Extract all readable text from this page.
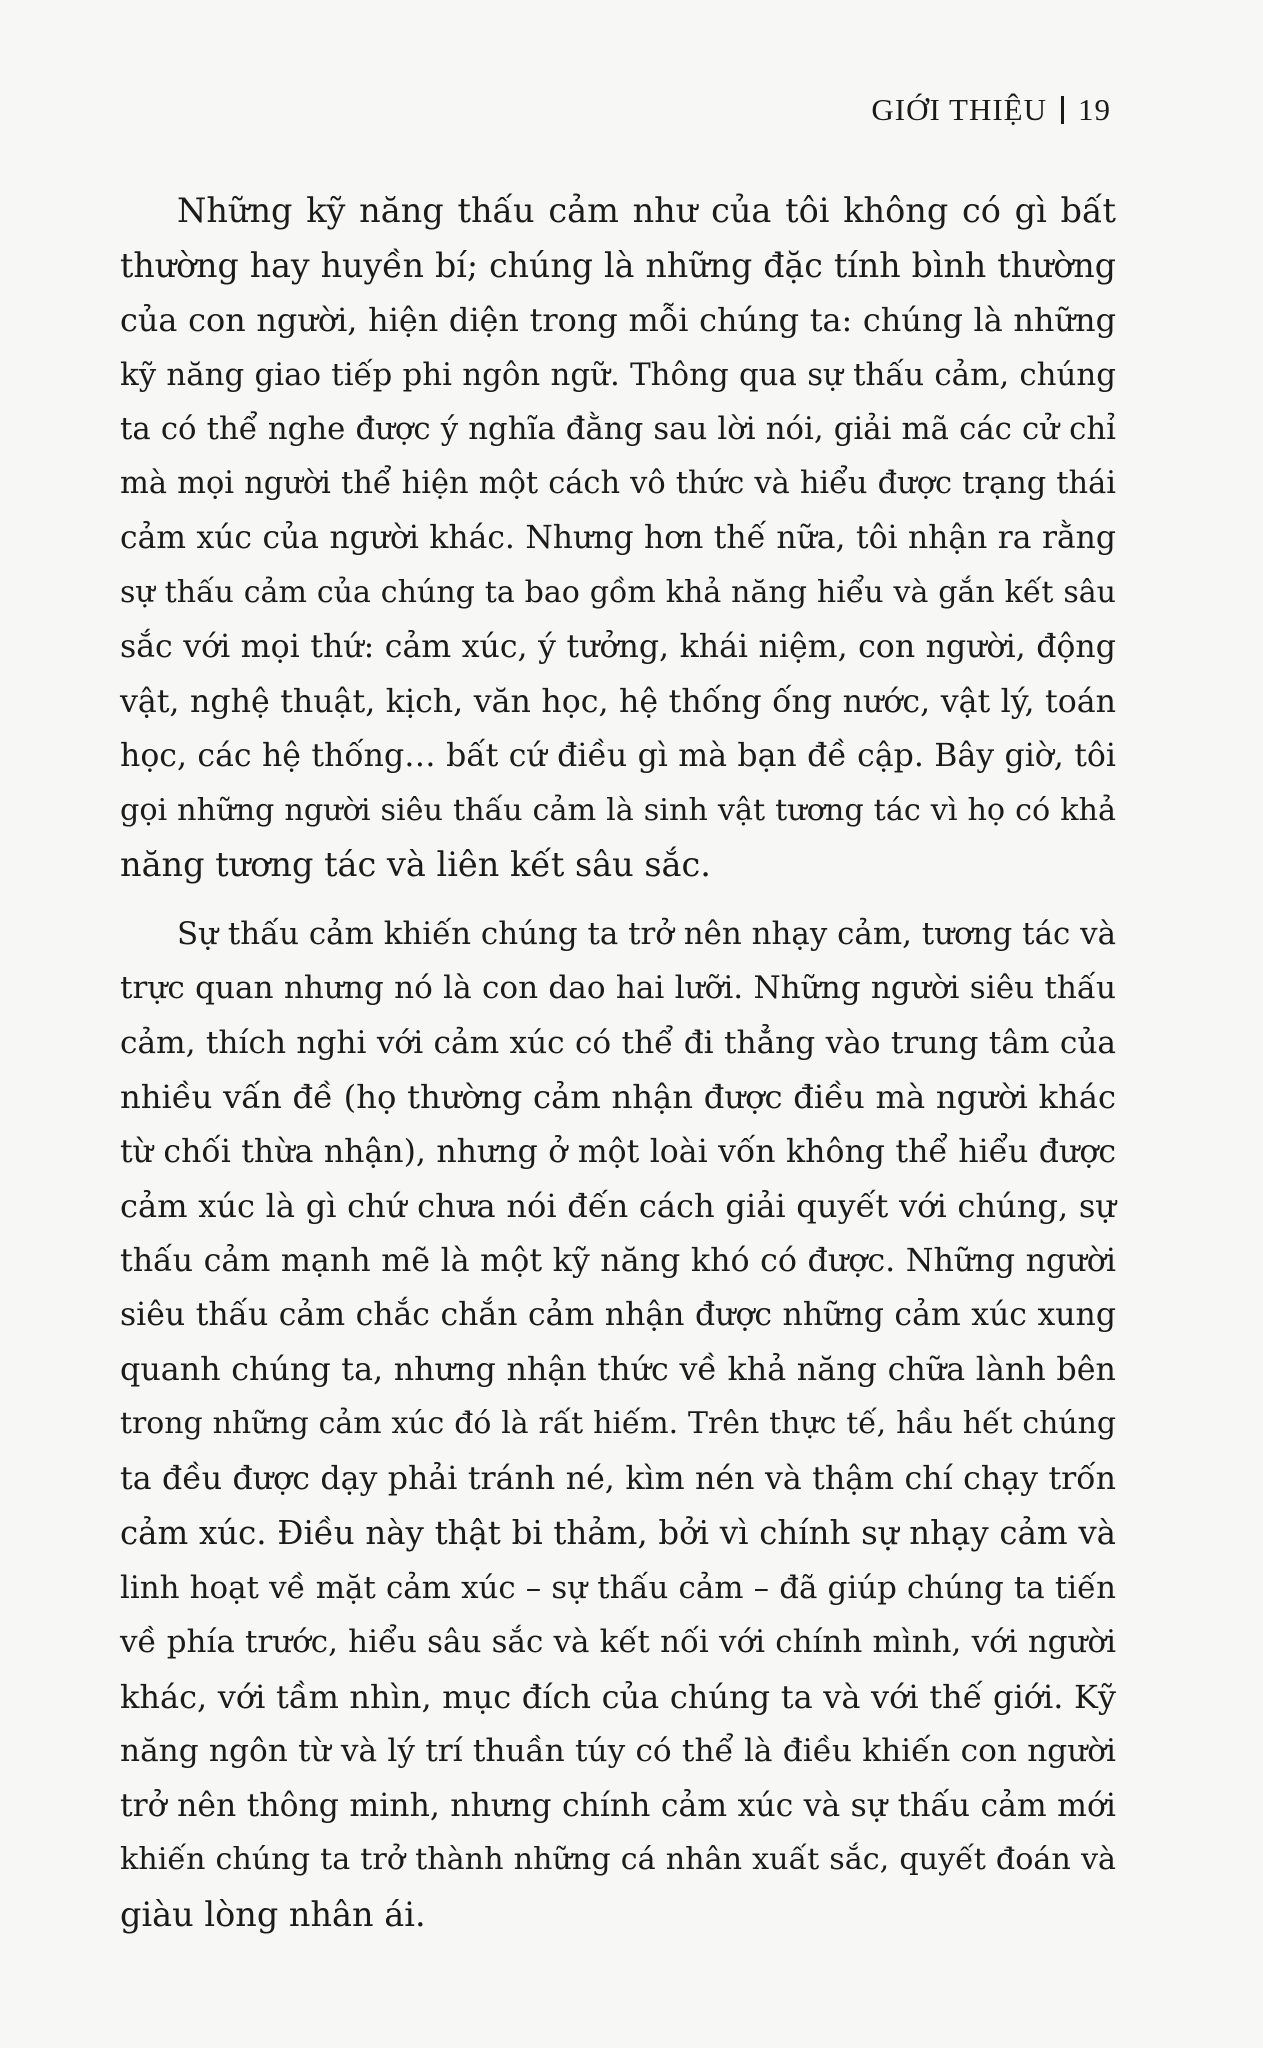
GIỚI THIỆU 19
Những kỹ năng thấu cảm như của tôi không có gì bất
thường hay huyền bí; chúng là những đặc tính bình thường
của con người, hiện diện trong mỗi chúng ta: chúng là những
kỹ năng giao tiếp phi ngôn ngữ. Thông qua sự thấu cảm, chúng
ta có thể nghe được ý nghĩa đằng sau lời nói, giải mã các cử chỉ
mà mọi người thể hiện một cách vô thức và hiểu được trạng thái
cảm xúc của người khác. Nhưng hơn thế nữa, tôi nhận ra rằng
sự thấu cảm của chúng ta bao gồm khả năng hiểu và gắn kết sâu
sắc với mọi thứ: cảm xúc, ý tưởng, khái niệm, con người, động
vật, nghệ thuật, kịch, văn học, hệ thống ống nước, vật lý, toán
học, các hệ thống… bất cứ điều gì mà bạn đề cập. Bây giờ, tôi
gọi những người siêu thấu cảm là sinh vật tương tác vì họ có khả
năng tương tác và liên kết sâu sắc.
Sự thấu cảm khiến chúng ta trở nên nhạy cảm, tương tác và
trực quan nhưng nó là con dao hai lưỡi. Những người siêu thấu
cảm, thích nghi với cảm xúc có thể đi thẳng vào trung tâm của
nhiều vấn đề (họ thường cảm nhận được điều mà người khác
từ chối thừa nhận), nhưng ở một loài vốn không thể hiểu được
cảm xúc là gì chứ chưa nói đến cách giải quyết với chúng, sự
thấu cảm mạnh mẽ là một kỹ năng khó có được. Những người
siêu thấu cảm chắc chắn cảm nhận được những cảm xúc xung
quanh chúng ta, nhưng nhận thức về khả năng chữa lành bên
trong những cảm xúc đó là rất hiếm. Trên thực tế, hầu hết chúng
ta đều được dạy phải tránh né, kìm nén và thậm chí chạy trốn
cảm xúc. Điều này thật bi thảm, bởi vì chính sự nhạy cảm và
linh hoạt về mặt cảm xúc – sự thấu cảm – đã giúp chúng ta tiến
về phía trước, hiểu sâu sắc và kết nối với chính mình, với người
khác, với tầm nhìn, mục đích của chúng ta và với thế giới. Kỹ
năng ngôn từ và lý trí thuần túy có thể là điều khiến con người
trở nên thông minh, nhưng chính cảm xúc và sự thấu cảm mới
khiến chúng ta trở thành những cá nhân xuất sắc, quyết đoán và
giàu lòng nhân ái.
